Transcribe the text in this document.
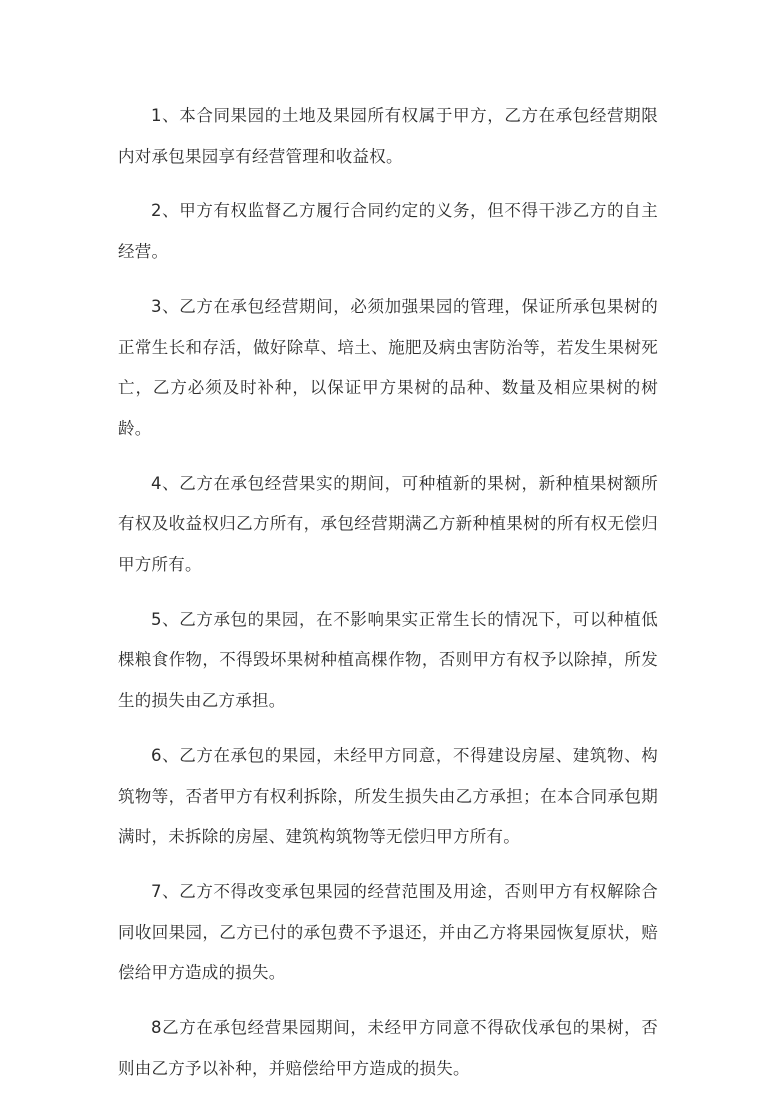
1、本合同果园的土地及果园所有权属于甲方，乙方在承包经营期限内对承包果园享有经营管理和收益权。

2、甲方有权监督乙方履行合同约定的义务，但不得干涉乙方的自主经营。

3、乙方在承包经营期间，必须加强果园的管理，保证所承包果树的正常生长和存活，做好除草、培土、施肥及病虫害防治等，若发生果树死亡，乙方必须及时补种，以保证甲方果树的品种、数量及相应果树的树龄。

4、乙方在承包经营果实的期间，可种植新的果树，新种植果树额所有权及收益权归乙方所有，承包经营期满乙方新种植果树的所有权无偿归甲方所有。

5、乙方承包的果园，在不影响果实正常生长的情况下，可以种植低棵粮食作物，不得毁坏果树种植高棵作物，否则甲方有权予以除掉，所发生的损失由乙方承担。

6、乙方在承包的果园，未经甲方同意，不得建设房屋、建筑物、构筑物等，否者甲方有权利拆除，所发生损失由乙方承担；在本合同承包期满时，未拆除的房屋、建筑构筑物等无偿归甲方所有。

7、乙方不得改变承包果园的经营范围及用途，否则甲方有权解除合同收回果园，乙方已付的承包费不予退还，并由乙方将果园恢复原状，赔偿给甲方造成的损失。

8乙方在承包经营果园期间，未经甲方同意不得砍伐承包的果树，否则由乙方予以补种，并赔偿给甲方造成的损失。
